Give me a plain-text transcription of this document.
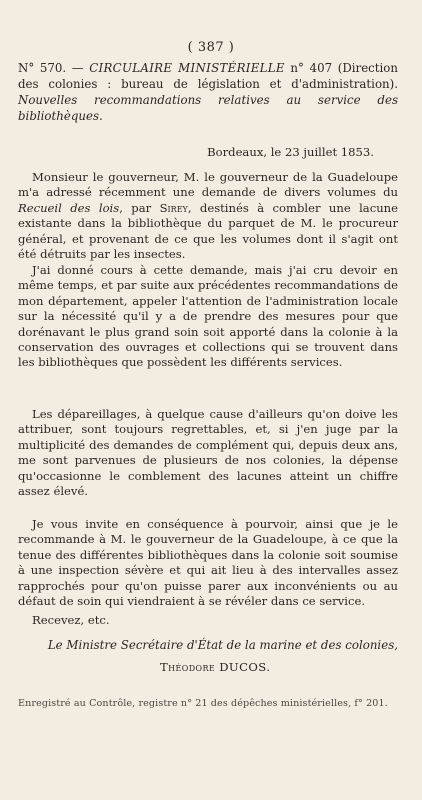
( 387 )
N° 570. — CIRCULAIRE MINISTÉRIELLE n° 407 (Direction des colonies : bureau de législation et d'administration). Nouvelles recommandations relatives au service des bibliothèques.
Bordeaux, le 23 juillet 1853.
Monsieur le gouverneur, M. le gouverneur de la Guadeloupe m'a adressé récemment une demande de divers volumes du Recueil des lois, par Sirey, destinés à combler une lacune existante dans la bibliothèque du parquet de M. le procureur général, et provenant de ce que les volumes dont il s'agit ont été détruits par les insectes.
J'ai donné cours à cette demande, mais j'ai cru devoir en même temps, et par suite aux précédentes recommandations de mon département, appeler l'attention de l'administration locale sur la nécessité qu'il y a de prendre des mesures pour que dorénavant le plus grand soin soit apporté dans la colonie à la conservation des ouvrages et collections qui se trouvent dans les bibliothèques que possèdent les différents services.
Les dépareillages, à quelque cause d'ailleurs qu'on doive les attribuer, sont toujours regrettables, et, si j'en juge par la multiplicité des demandes de complément qui, depuis deux ans, me sont parvenues de plusieurs de nos colonies, la dépense qu'occasionne le comblement des lacunes atteint un chiffre assez élevé.
Je vous invite en conséquence à pourvoir, ainsi que je le recommande à M. le gouverneur de la Guadeloupe, à ce que la tenue des différentes bibliothèques dans la colonie soit soumise à une inspection sévère et qui ait lieu à des intervalles assez rapprochés pour qu'on puisse parer aux inconvénients ou au défaut de soin qui viendraient à se révéler dans ce service.
Recevez, etc.
Le Ministre Secrétaire d'État de la marine et des colonies,
Théodore DUCOS.
Enregistré au Contrôle, registre n° 21 des dépêches ministérielles, f° 201.
